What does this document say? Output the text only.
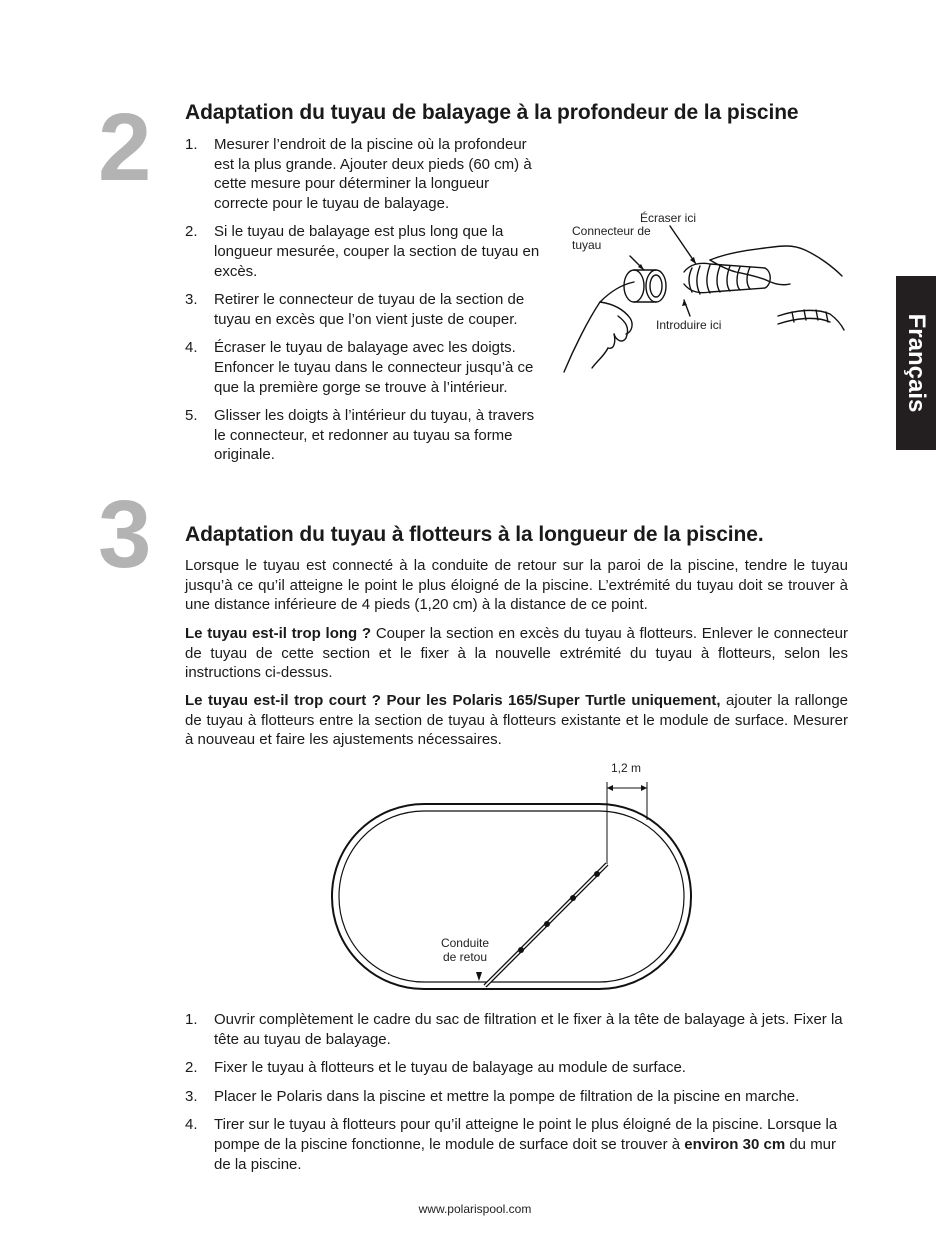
2 Adaptation du tuyau de balayage à la profondeur de la piscine
1. Mesurer l’endroit de la piscine où la profondeur est la plus grande. Ajouter deux pieds (60 cm) à cette mesure pour déterminer la longueur correcte pour le tuyau de balayage.
2. Si le tuyau de balayage est plus long que la longueur mesurée, couper la section de tuyau en excès.
3. Retirer le connecteur de tuyau de la section de tuyau en excès que l’on vient juste de couper.
4. Écraser le tuyau de balayage avec les doigts. Enfoncer le tuyau dans le connecteur jusqu’à ce que la première gorge se trouve à l’intérieur.
5. Glisser les doigts à l’intérieur du tuyau, à travers le connecteur, et redonner au tuyau sa forme originale.
Connecteur de tuyau
Écraser ici
Introduire ici	Français
3 Adaptation du tuyau à flotteurs à la longueur de la piscine.

Lorsque le tuyau est connecté à la conduite de retour sur la paroi de la piscine, tendre le tuyau jusqu’à ce qu’il atteigne le point le plus éloigné de la piscine. L’extrémité du tuyau doit se trouver à une distance inférieure de 4 pieds (1,20 cm) à la distance de ce point.

Le tuyau est-il trop long ? Couper la section en excès du tuyau à flotteurs. Enlever le connecteur de tuyau de cette section et le fixer à la nouvelle extrémité du tuyau à flotteurs, selon les instructions ci-dessus.

Le tuyau est-il trop court ? Pour les Polaris 165/Super Turtle uniquement, ajouter la rallonge de tuyau à flotteurs entre la section de tuyau à flotteurs existante et le module de surface. Mesurer à nouveau et faire les ajustements nécessaires.

1,2 m
Conduite
de retou
1. Ouvrir complètement le cadre du sac de filtration et le fixer à la tête de balayage à jets. Fixer la tête au tuyau de balayage.
2. Fixer le tuyau à flotteurs et le tuyau de balayage au module de surface.
3. Placer le Polaris dans la piscine et mettre la pompe de filtration de la piscine en marche.
4. Tirer sur le tuyau à flotteurs pour qu’il atteigne le point le plus éloigné de la piscine. Lorsque la pompe de la piscine fonctionne, le module de surface doit se trouver à environ 30 cm du mur de la piscine.
www.polarispool.com
